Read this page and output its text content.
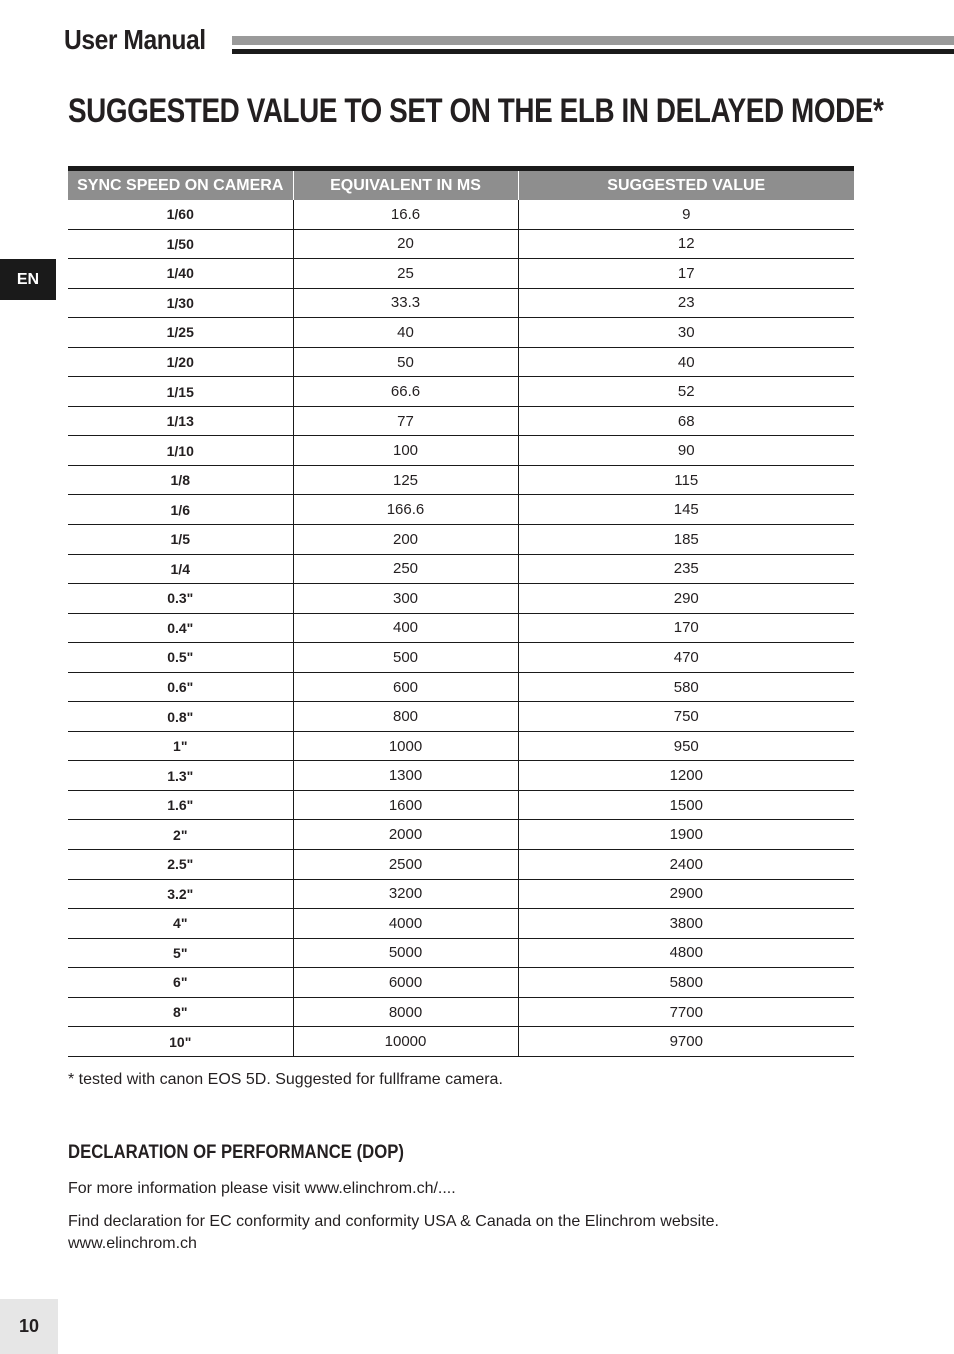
User Manual
EN
SUGGESTED VALUE TO SET ON THE ELB IN DELAYED MODE*
SYNC SPEED ON CAMERA	EQUIVALENT IN MS	SUGGESTED VALUE
1/60	16.6	9
1/50	20	12
1/40	25	17
1/30	33.3	23
1/25	40	30
1/20	50	40
1/15	66.6	52
1/13	77	68
1/10	100	90
1/8	125	115
1/6	166.6	145
1/5	200	185
1/4	250	235
0.3"	300	290
0.4"	400	170
0.5"	500	470
0.6"	600	580
0.8"	800	750
1"	1000	950
1.3"	1300	1200
1.6"	1600	1500
2"	2000	1900
2.5"	2500	2400
3.2"	3200	2900
4"	4000	3800
5"	5000	4800
6"	6000	5800
8"	8000	7700
10"	10000	9700

* tested with canon EOS 5D. Suggested for fullframe camera.

DECLARATION OF PERFORMANCE (DOP)

For more information please visit www.elinchrom.ch/....

Find declaration for EC conformity and conformity USA & Canada on the Elinchrom website.

www.elinchrom.ch

10
